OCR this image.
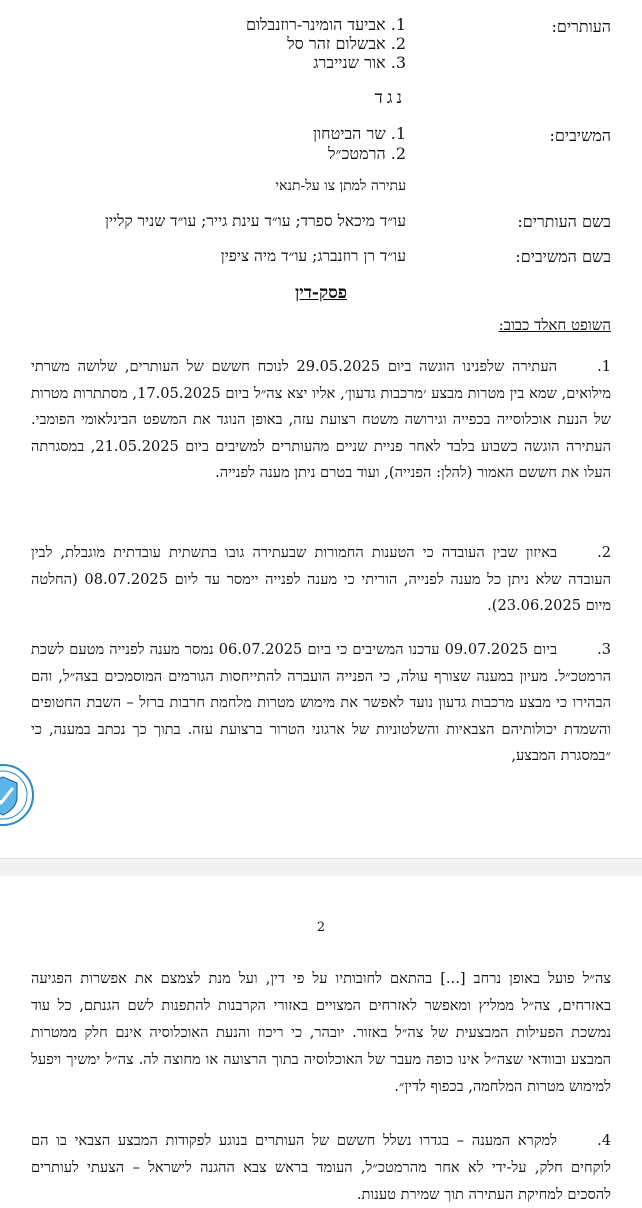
העותרים:
1. אביעד הומינר-רוזנבלום
2. אבשלום זהר סל
3. אור שנייברג
נגד
המשיבים:
1. שר הביטחון
2. הרמטכ״ל
עתירה למתן צו על-תנאי
בשם העותרים:
עו״ד מיכאל ספרד; עו״ד עינת גייר; עו״ד שניר קליין
בשם המשיבים:
עו״ד רן רוזנברג; עו״ד מיה ציפין
פסק-דין
השופט חאלד כבוב:
1.העתירה שלפנינו הוגשה ביום 29.05.2025 לנוכח חששם של העותרים, שלושה משרתי מילואים, שמא בין מטרות מבצע ׳מרכבות גדעון׳, אליו יצא צה״ל ביום 17.05.2025, מסתתרות מטרות של הנעת אוכלוסייה בכפייה וגירושה משטח רצועת עזה, באופן הנוגד את המשפט הבינלאומי הפומבי. העתירה הוגשה כשבוע בלבד לאחר פניית שניים מהעותרים למשיבים ביום 21.05.2025, במסגרתה העלו את חששם האמור (להלן: הפנייה), ועוד בטרם ניתן מענה לפנייה.
2.באיזון שבין העובדה כי הטענות החמורות שבעתירה גובו בתשתית עובדתית מוגבלת, לבין העובדה שלא ניתן כל מענה לפנייה, הוריתי כי מענה לפנייה יימסר עד ליום 08.07.2025 (החלטה מיום 23.06.2025).
3.ביום 09.07.2025 עדכנו המשיבים כי ביום 06.07.2025 נמסר מענה לפנייה מטעם לשכת הרמטכ״ל. מעיון במענה שצורף עולה, כי הפנייה הועברה להתייחסות הגורמים המוסמכים בצה״ל, והם הבהירו כי מבצע מרכבות גדעון נועד לאפשר את מימוש מטרות מלחמת חרבות ברזל – השבת החטופים והשמדת יכולותיהם הצבאיות והשלטוניות של ארגוני הטרור ברצועת עזה. בתוך כך נכתב במענה, כי ״במסגרת המבצע,
2
צה״ל פועל באופן נרחב [...] בהתאם לחובותיו על פי דין, ועל מנת לצמצם את אפשרות הפגיעה באזרחים, צה״ל ממליץ ומאפשר לאזרחים המצויים באזורי הקרבנות להתפנות לשם הגנתם, כל עוד נמשכת הפעילות המבצעית של צה״ל באזור. יובהר, כי ריכוז והנעת האוכלוסיה אינם חלק ממטרות המבצע ובוודאי שצה״ל אינו כופה מעבר של האוכלוסיה בתוך הרצועה או מחוצה לה. צה״ל ימשיך ויפעל למימוש מטרות המלחמה, בכפוף לדין״.
4.למקרא המענה – בגדרו נשלל חששם של העותרים בנוגע לפקודות המבצע הצבאי בו הם לוקחים חלק, על-ידי לא אחר מהרמטכ״ל, העומד בראש צבא ההגנה לישראל – הצעתי לעותרים להסכים למחיקת העתירה תוך שמירת טענות.
